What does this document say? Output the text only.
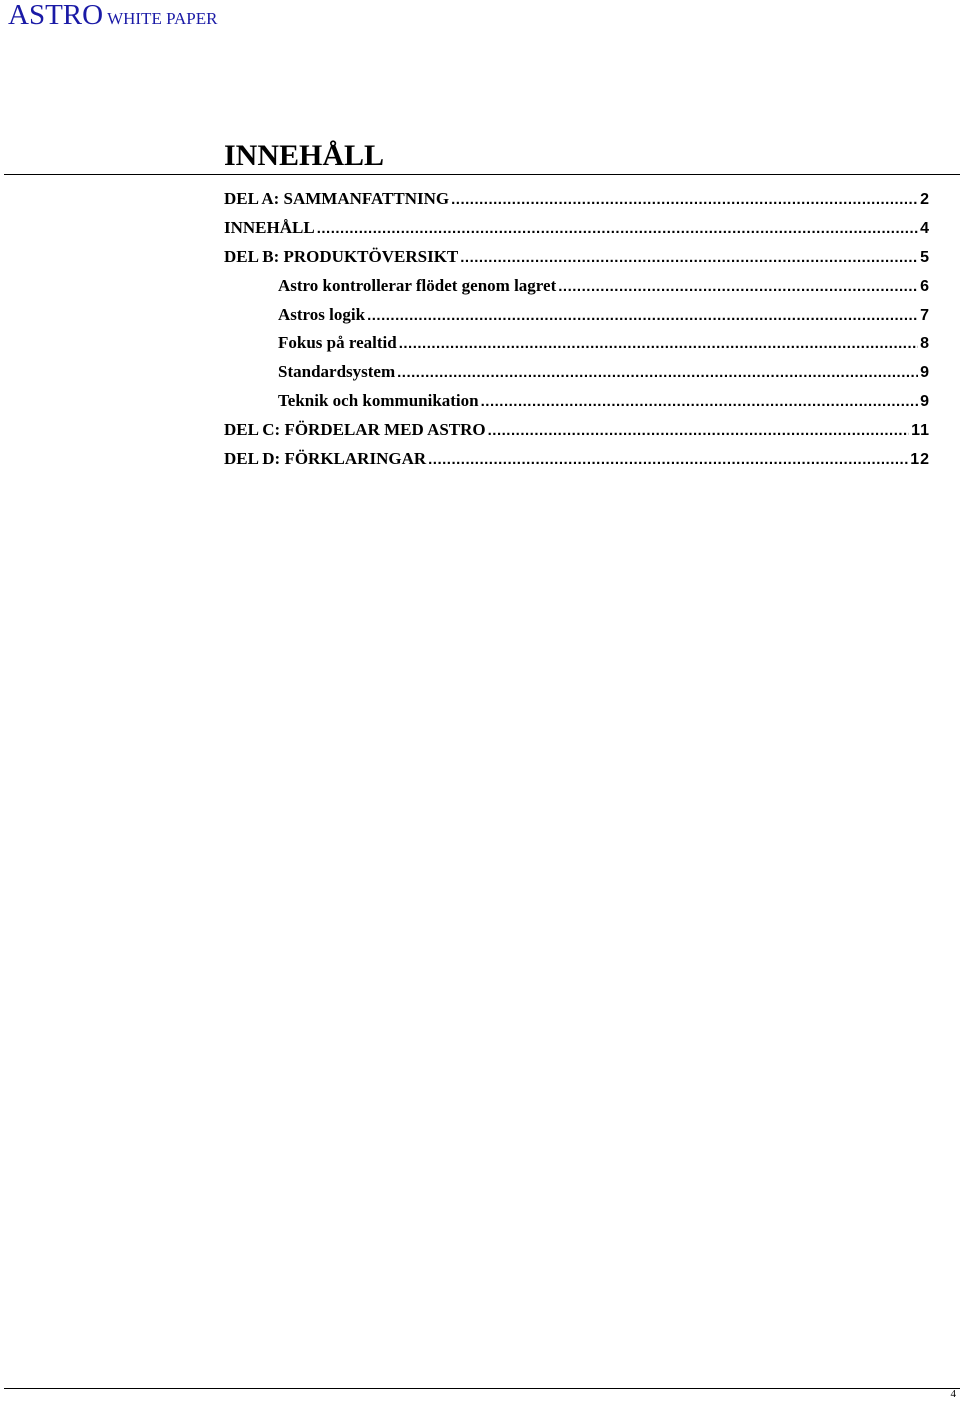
ASTRO WHITE PAPER
INNEHÅLL
DEL A: SAMMANFATTNING .....	2
INNEHÅLL .....	4
DEL B: PRODUKTÖVERSIKT .....	5
Astro kontrollerar flödet genom lagret .....	6
Astros logik .....	7
Fokus på realtid .....	8
Standardsystem .....	9
Teknik och kommunikation .....	9
DEL C: FÖRDELAR MED ASTRO .....	11
DEL D: FÖRKLARINGAR .....	12
4
